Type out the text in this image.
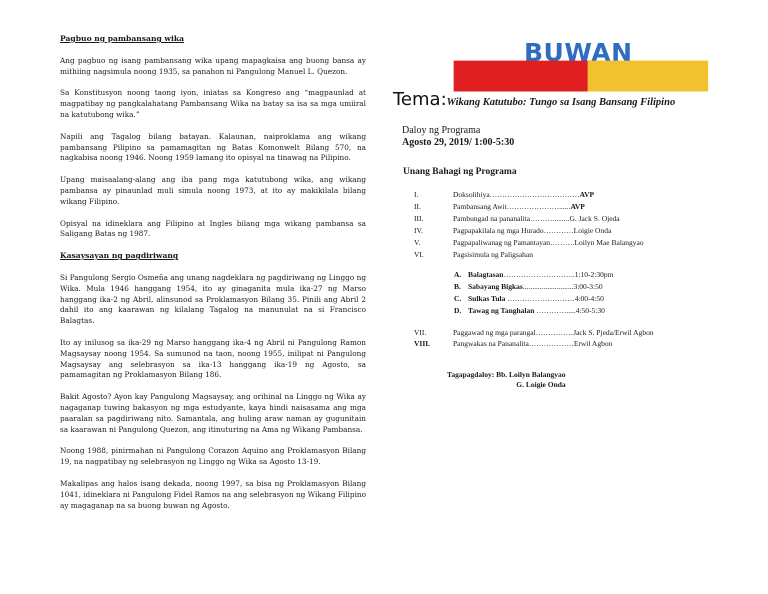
Pagbuo ng pambansang wika

Ang pagbuo ng isang pambansang wika upang mapagkaisa ang buong bansa ay mithiing nagsimula noong 1935, sa panahon ni Pangulong Manuel L. Quezon.

Sa Konstitusyon noong taong iyon, iniatas sa Kongreso ang “magpaunlad at magpatibay ng pangkalahatang Pambansang Wika na batay sa isa sa mga umiiral na katutubong wika.”

Napili ang Tagalog bilang batayan. Kalaunan, naiproklama ang wikang pambansang Pilipino sa pamamagitan ng Batas Komonwelt Bilang 570, na nagkabisa noong 1946. Noong 1959 lamang ito opisyal na tinawag na Pilipino.

Upang maisaalang-alang ang iba pang mga katutubong wika, ang wikang pambansa ay pinaunlad muli simula noong 1973, at ito ay makikilala bilang wikang Filipino.

Opisyal na idineklara ang Filipino at Ingles bilang mga wikang pambansa sa Saligang Batas ng 1987.

Kasaysayan ng pagdiriwang

Si Pangulong Sergio Osmeña ang unang nagdeklara ng pagdiriwang ng Linggo ng Wika. Mula 1946 hanggang 1954, ito ay ginaganita mula ika-27 ng Marso hanggang ika-2 ng Abril, alinsunod sa Proklamasyon Bilang 35. Pinili ang Abril 2 dahil ito ang kaarawan ng kilalang Tagalog na manunulat na si Francisco Balagtas.

Ito ay inilusog sa ika-29 ng Marso hanggang ika-4 ng Abril ni Pangulong Ramon Magsaysay noong 1954. Sa sumunod na taon, noong 1955, inilipat ni Pangulong Magsaysay ang selebrasyon sa ika-13 hanggang ika-19 ng Agosto, sa pamamagitan ng Proklamasyon Bilang 186.

Bakit Agosto? Ayon kay Pangulong Magsaysay, ang orihinal na Linggo ng Wika ay nagaganap tuwing bakasyon ng mga estudyante, kaya hindi naisasama ang mga paaralan sa pagdiriwang nito. Samantala, ang huling araw naman ay gugunitain sa kaarawan ni Pangulong Quezon, ang itinuturing na Ama ng Wikang Pambansa.

Noong 1988, pinirmahan ni Pangulong Corazon Aquino ang Proklamasyon Bilang 19, na nagpatibay ng selebrasyon ng Linggo ng Wika sa Agosto 13-19.

Makalipas ang halos isang dekada, noong 1997, sa bisa ng Proklamasyon Bilang 1041, idineklara ni Pangulong Fidel Ramos na ang selebrasyon ng Wikang Filipino ay magaganap na sa buong buwan ng Agosto.

BUWAN
███████
██████
Tema:Wikang Katutubo: Tungo sa Isang Bansang Filipino
Daloy ng Programa
Agosto 29, 2019/ 1:00-5:30
Unang Bahagi ng Programa
I.	Doksolihiya………………………………AVP
II.	Pambansang Awit…………………......AVP
III.	Pambungad na pananalita……….........G. Jack S. Ojeda
IV.	Pagpapakilala ng mga Hurado…………Loigie Onda
V.	Pagpapaliwanag ng Pamantayan……….Loilyn Mae Balangyao
VI.	Pagsisimula ng Paligsahan
A. Balagtasan………………………..1:10-2:30pm
B. Sabayang Bigkas...........................3:00-3:50
C. Sulkas Tula ………………………4:00-4:50
D. Tawag ng Tanghalan ………….....4:50-5:30
VII.	Paggawad ng mga parangal……………Jack S. Pjeda/Erwil Agbon
VIII.	Pangwakas na Pananalita………………Erwil Agbon
Tagapagdaloy: Bb. Loilyn Balangyao
G. Loigie Onda
